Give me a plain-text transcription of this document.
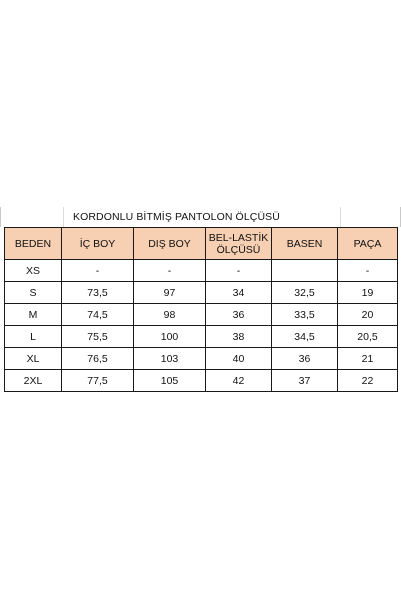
KORDONLU BİTMİŞ PANTOLON ÖLÇÜSÜ
BEDEN	İÇ BOY	DIŞ BOY	BEL-LASTİK ÖLÇÜSÜ	BASEN	PAÇA
XS	-	-	-		-
S	73,5	97	34	32,5	19
M	74,5	98	36	33,5	20
L	75,5	100	38	34,5	20,5
XL	76,5	103	40	36	21
2XL	77,5	105	42	37	22
